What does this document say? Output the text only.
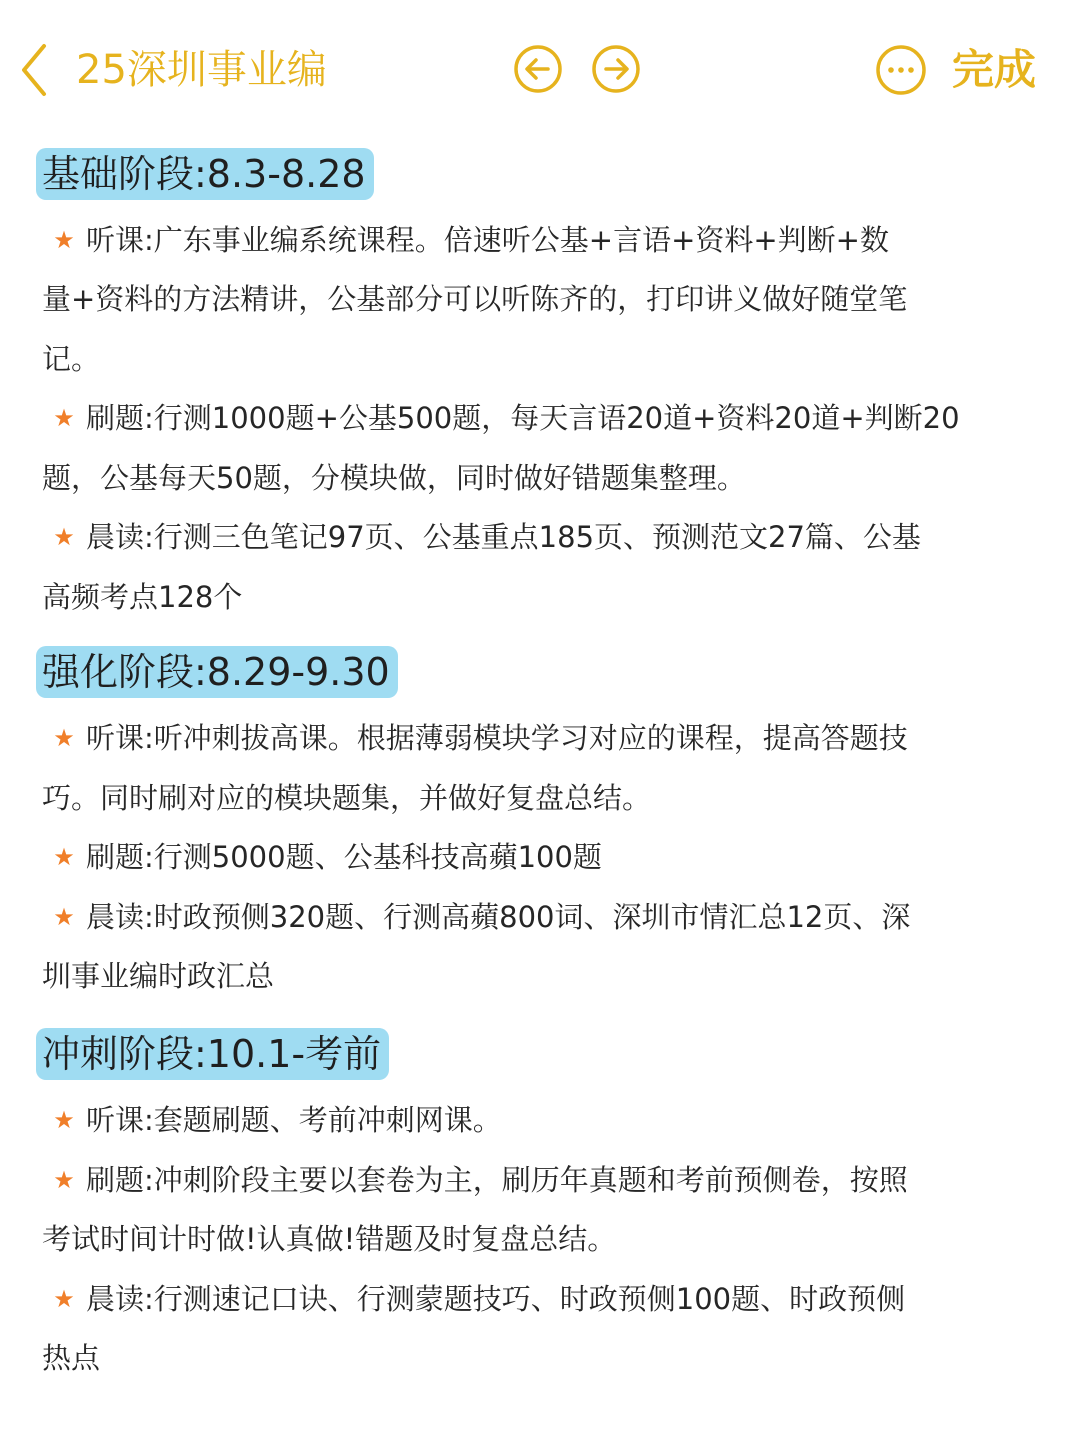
25深圳事业编	完成
基础阶段:8.3-8.28
★ 听课:广东事业编系统课程。倍速听公基+言语+资料+判断+数
量+资料的方法精讲，公基部分可以听陈齐的，打印讲义做好随堂笔
记。
★ 刷题:行测1000题+公基500题，每天言语20道+资料20道+判断20
题，公基每天50题，分模块做，同时做好错题集整理。
★ 晨读:行测三色笔记97页、公基重点185页、预测范文27篇、公基
高频考点128个
强化阶段:8.29-9.30
★ 听课:听冲刺拔高课。根据薄弱模块学习对应的课程，提高答题技
巧。同时刷对应的模块题集，并做好复盘总结。
★ 刷题:行测5000题、公基科技高蘋100题
★ 晨读:时政预侧320题、行测高蘋800词、深圳市情汇总12页、深
圳事业编时政汇总
冲刺阶段:10.1-考前
★ 听课:套题刷题、考前冲刺网课。
★ 刷题:冲刺阶段主要以套卷为主，刷历年真题和考前预侧卷，按照
考试时间计时做!认真做!错题及时复盘总结。
★ 晨读:行测速记口诀、行测蒙题技巧、时政预侧100题、时政预侧
热点
